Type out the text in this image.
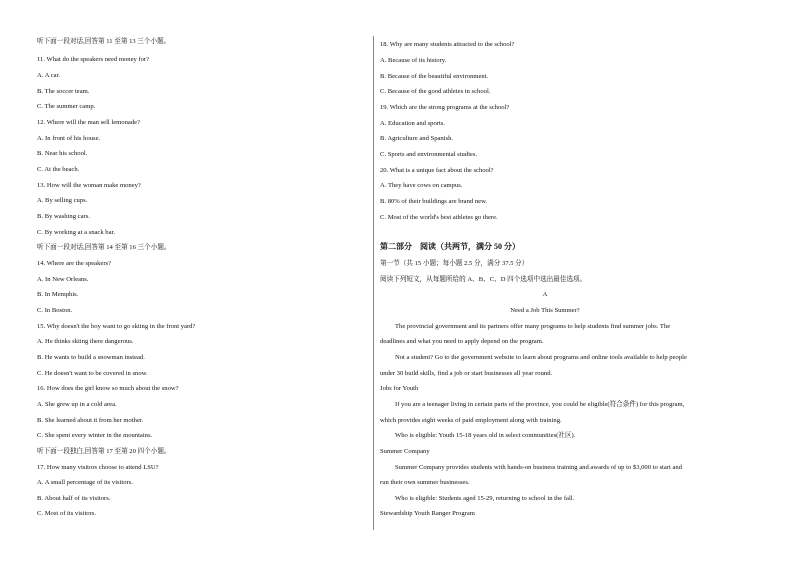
听下面一段对话,回答第 11 至第 13 三个小题。
11. What do the speakers need money for?
A. A car.
B. The soccer team.
C. The summer camp.
12. Where will the man sell lemonade?
A. In front of his house.
B. Near his school.
C. At the beach.
13. How will the woman make money?
A. By selling cups.
B. By washing cars.
C. By working at a snack bar.
听下面一段对话,回答第 14 至第 16 三个小题。
14. Where are the speakers?
A. In New Orleans.
B. In Memphis.
C. In Boston.
15. Why doesn't the boy want to go skiing in the front yard?
A. He thinks skiing there dangerous.
B. He wants to build a snowman instead.
C. He doesn't want to be covered in snow.
16. How does the girl know so much about the snow?
A. She grew up in a cold area.
B. She learned about it from her mother.
C. She spent every winter in the mountains.
听下面一段独白,回答第 17 至第 20 四个小题。
17. How many visitors choose to attend LSU?
A. A small percentage of its visitors.
B. About half of its visitors.
C. Most of its visitors.
18. Why are many students attracted to the school?
A. Because of its history.
B. Because of the beautiful environment.
C. Because of the good athletes in school.
19. Which are the strong programs at the school?
A. Education and sports.
B. Agriculture and Spanish.
C. Sports and environmental studies.
20. What is a unique fact about the school?
A. They have cows on campus.
B. 80% of their buildings are brand new.
C. Most of the world's best athletes go there.
第二部分　阅读（共两节，满分 50 分）
第一节（共 15 小题；每小题 2.5 分，满分 37.5 分）
阅读下列短文，从每题所给的 A、B、C、D 四个选项中选出最佳选项。
A
Need a Job This Summer?
The provincial government and its partners offer many programs to help students find summer jobs. The
deadlines and what you need to apply depend on the program.
Not a student? Go to the government website to learn about programs and online tools available to help people
under 30 build skills, find a job or start businesses all year round.
Jobs for Youth
If you are a teenager living in certain parts of the province, you could be eligible(符合条件) for this program,
which provides eight weeks of paid employment along with training.
Who is eligible: Youth 15-18 years old in select communities(社区).
Summer Company
Summer Company provides students with hands-on business training and awards of up to $3,000 to start and
run their own summer businesses.
Who is eligible: Students aged 15-29, returning to school in the fall.
Stewardship Youth Ranger Program
